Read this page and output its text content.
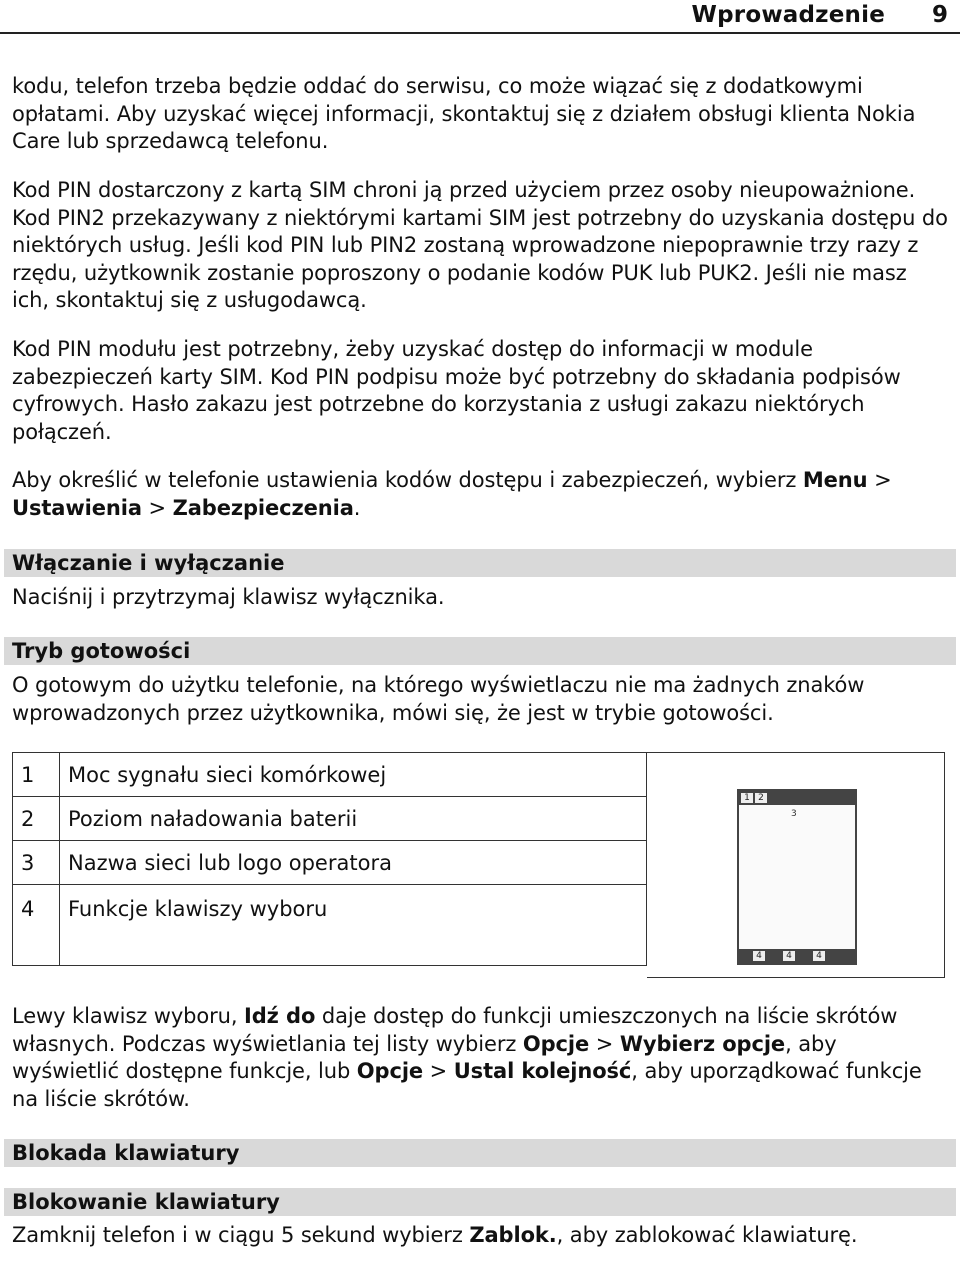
Wprowadzenie 9

kodu, telefon trzeba będzie oddać do serwisu, co może wiązać się z dodatkowymi opłatami. Aby uzyskać więcej informacji, skontaktuj się z działem obsługi klienta Nokia Care lub sprzedawcą telefonu.

Kod PIN dostarczony z kartą SIM chroni ją przed użyciem przez osoby nieupoważnione. Kod PIN2 przekazywany z niektórymi kartami SIM jest potrzebny do uzyskania dostępu do niektórych usług. Jeśli kod PIN lub PIN2 zostaną wprowadzone niepoprawnie trzy razy z rzędu, użytkownik zostanie poproszony o podanie kodów PUK lub PUK2. Jeśli nie masz ich, skontaktuj się z usługodawcą.

Kod PIN modułu jest potrzebny, żeby uzyskać dostęp do informacji w module zabezpieczeń karty SIM. Kod PIN podpisu może być potrzebny do składania podpisów cyfrowych. Hasło zakazu jest potrzebne do korzystania z usługi zakazu niektórych połączeń.

Aby określić w telefonie ustawienia kodów dostępu i zabezpieczeń, wybierz Menu > Ustawienia > Zabezpieczenia.

Włączanie i wyłączanie

Naciśnij i przytrzymaj klawisz wyłącznika.

Tryb gotowości

O gotowym do użytku telefonie, na którego wyświetlaczu nie ma żadnych znaków wprowadzonych przez użytkownika, mówi się, że jest w trybie gotowości.

1	Moc sygnału sieci komórkowej
2	Poziom naładowania baterii
3	Nazwa sieci lub logo operatora
4	Funkcje klawiszy wyboru
1 2
3
4	4	4

Lewy klawisz wyboru, Idź do daje dostęp do funkcji umieszczonych na liście skrótów własnych. Podczas wyświetlania tej listy wybierz Opcje > Wybierz opcje, aby wyświetlić dostępne funkcje, lub Opcje > Ustal kolejność, aby uporządkować funkcje na liście skrótów.

Blokada klawiatury
Blokowanie klawiatury

Zamknij telefon i w ciągu 5 sekund wybierz Zablok., aby zablokować klawiaturę.
